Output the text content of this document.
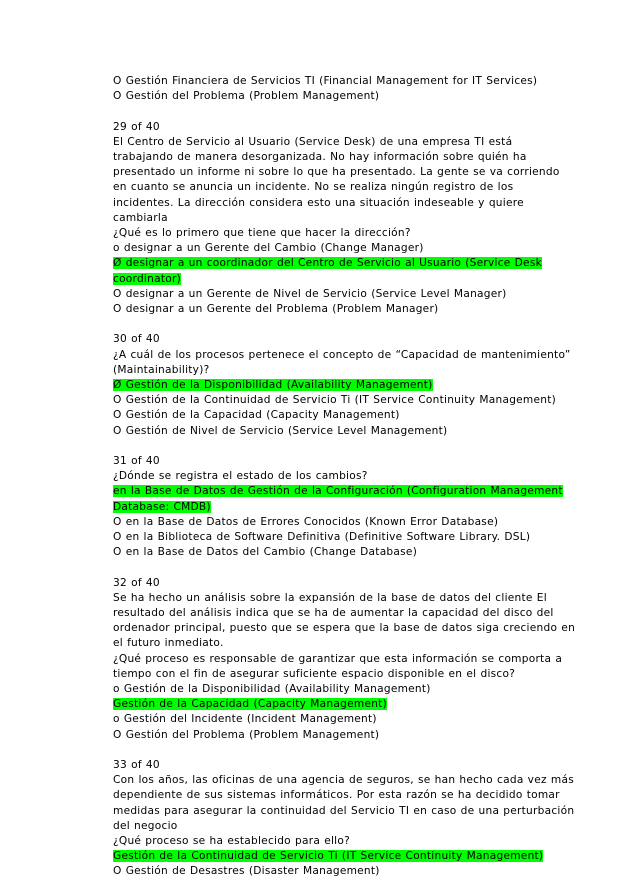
O Gestión Financiera de Servicios TI (Financial Management for IT Services)
O Gestión del Problema (Problem Management)
29 of 40
El Centro de Servicio al Usuario (Service Desk) de una empresa TI está
trabajando de manera desorganizada. No hay información sobre quién ha
presentado un informe ni sobre lo que ha presentado. La gente se va corriendo
en cuanto se anuncia un incidente. No se realiza ningún registro de los
incidentes. La dirección considera esto una situación indeseable y quiere
cambiarla
¿Qué es lo primero que tiene que hacer la dirección?
o designar a un Gerente del Cambio (Change Manager)
Ø designar a un coordinador del Centro de Servicio al Usuario (Service Desk
coordinator)
O designar a un Gerente de Nivel de Servicio (Service Level Manager)
O designar a un Gerente del Problema (Problem Manager)
30 of 40
¿A cuál de los procesos pertenece el concepto de “Capacidad de mantenimiento”
(Maintainability)?
Ø Gestión de la Disponibilidad (Availability Management)
O Gestión de la Continuidad de Servicio Ti (IT Service Continuity Management)
O Gestión de la Capacidad (Capacity Management)
O Gestión de Nivel de Servicio (Service Level Management)
31 of 40
¿Dónde se registra el estado de los cambios?
en la Base de Datos de Gestión de la Configuración (Configuration Management
Database: CMDB)
O en la Base de Datos de Errores Conocidos (Known Error Database)
O en la Biblioteca de Software Definitiva (Definitive Software Library. DSL)
O en la Base de Datos del Cambio (Change Database)
32 of 40
Se ha hecho un análisis sobre la expansión de la base de datos del cliente El
resultado del análisis indica que se ha de aumentar la capacidad del disco del
ordenador principal, puesto que se espera que la base de datos siga creciendo en
el futuro inmediato.
¿Qué proceso es responsable de garantizar que esta información se comporta a
tiempo con el fin de asegurar suficiente espacio disponible en el disco?
o Gestión de la Disponibilidad (Availability Management)
Gestión de la Capacidad (Capacity Management)
o Gestión del Incidente (Incident Management)
O Gestión del Problema (Problem Management)
33 of 40
Con los años, las oficinas de una agencia de seguros, se han hecho cada vez más
dependiente de sus sistemas informáticos. Por esta razón se ha decidido tomar
medidas para asegurar la continuidad del Servicio TI en caso de una perturbación
del negocio
¿Qué proceso se ha establecido para ello?
Gestión de la Continuidad de Servicio Ti (IT Service Continuity Management)
O Gestión de Desastres (Disaster Management)
